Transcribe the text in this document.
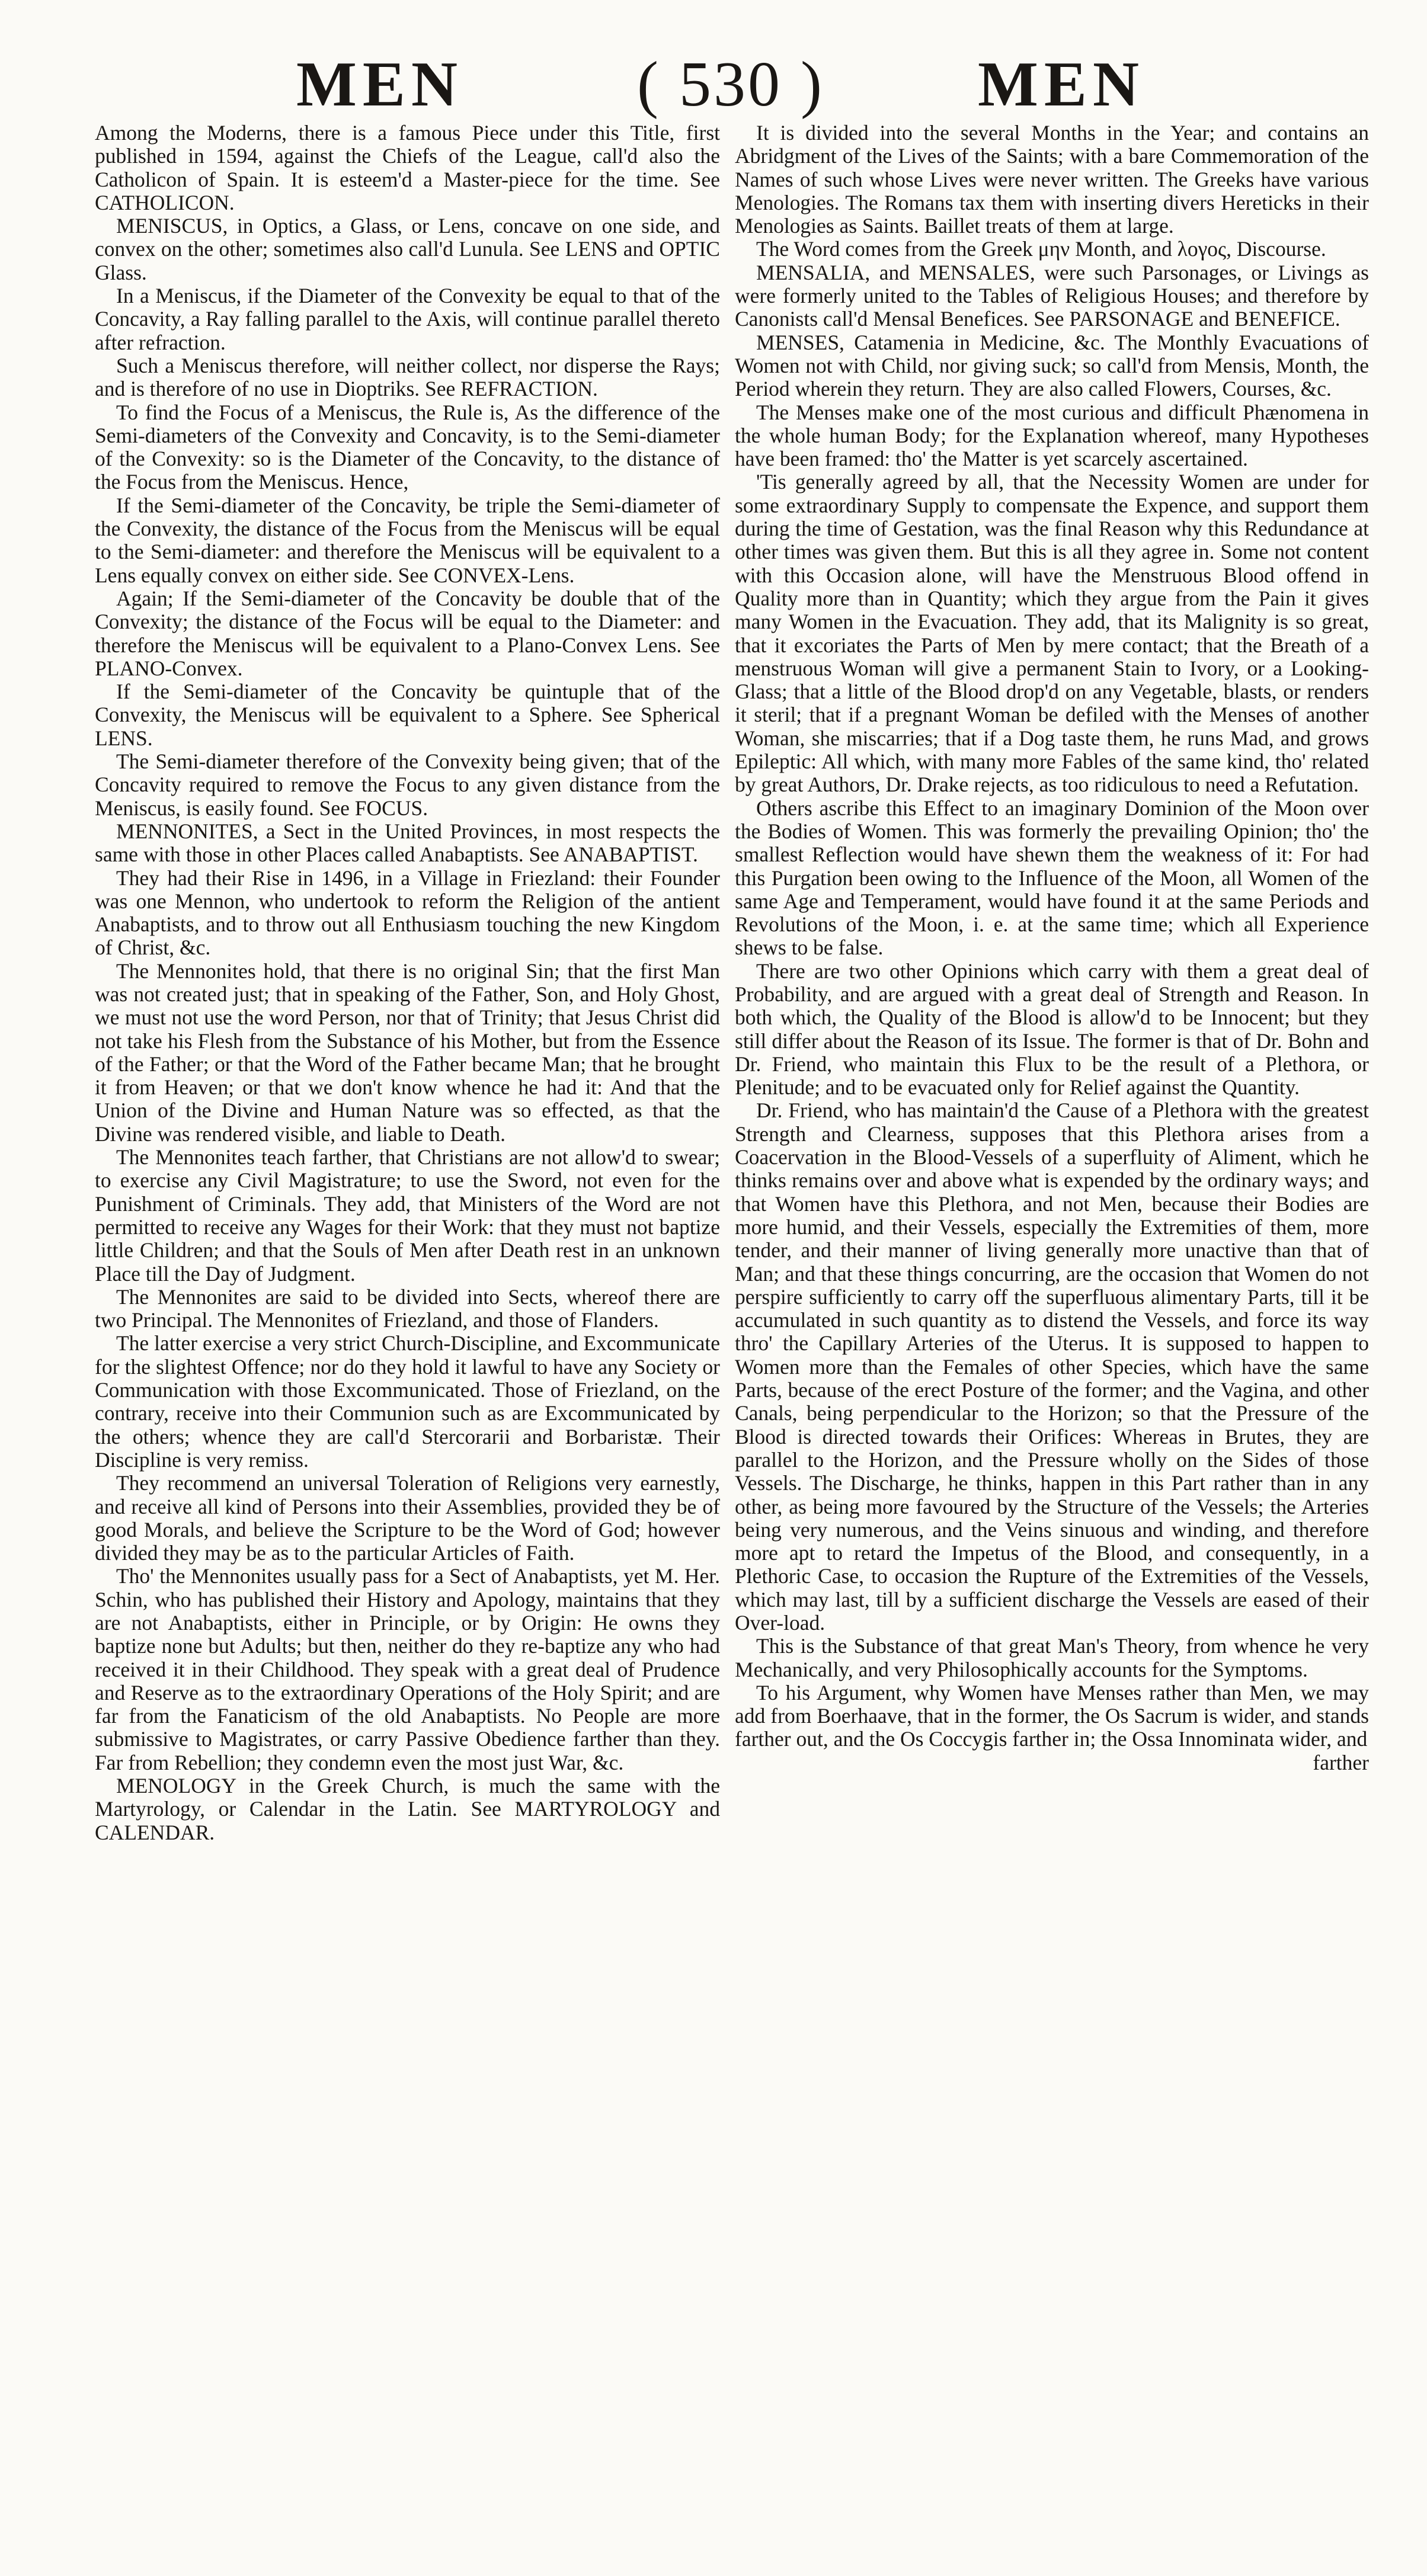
MEN	( 530 ) MEN

Among the Moderns, there is a famous Piece under this Title, first published in 1594, against the Chiefs of the League, call'd also the Catholicon of Spain. It is esteem'd a Master-piece for the time. See CATHOLICON.

MENISCUS, in Optics, a Glass, or Lens, concave on one side, and convex on the other; sometimes also call'd Lunula. See LENS and OPTIC Glass.

In a Meniscus, if the Diameter of the Convexity be equal to that of the Concavity, a Ray falling parallel to the Axis, will continue parallel thereto after refraction.

Such a Meniscus therefore, will neither collect, nor disperse the Rays; and is therefore of no use in Dioptriks. See REFRACTION.

To find the Focus of a Meniscus, the Rule is, As the difference of the Semi-diameters of the Convexity and Concavity, is to the Semi-diameter of the Convexity: so is the Diameter of the Concavity, to the distance of the Focus from the Meniscus. Hence,

If the Semi-diameter of the Concavity, be triple the Semi-diameter of the Convexity, the distance of the Focus from the Meniscus will be equal to the Semi-diameter: and therefore the Meniscus will be equivalent to a Lens equally convex on either side. See CONVEX-Lens.

Again; If the Semi-diameter of the Concavity be double that of the Convexity; the distance of the Focus will be equal to the Diameter: and therefore the Meniscus will be equivalent to a Plano-Convex Lens. See PLANO-Convex.

If the Semi-diameter of the Concavity be quintuple that of the Convexity, the Meniscus will be equivalent to a Sphere. See Spherical LENS.

The Semi-diameter therefore of the Convexity being given; that of the Concavity required to remove the Focus to any given distance from the Meniscus, is easily found. See FOCUS.

MENNONITES, a Sect in the United Provinces, in most respects the same with those in other Places called Anabaptists. See ANABAPTIST.

They had their Rise in 1496, in a Village in Friezland: their Founder was one Mennon, who undertook to reform the Religion of the antient Anabaptists, and to throw out all Enthusiasm touching the new Kingdom of Christ, &c.

The Mennonites hold, that there is no original Sin; that the first Man was not created just; that in speaking of the Father, Son, and Holy Ghost, we must not use the word Person, nor that of Trinity; that Jesus Christ did not take his Flesh from the Substance of his Mother, but from the Essence of the Father; or that the Word of the Father became Man; that he brought it from Heaven; or that we don't know whence he had it: And that the Union of the Divine and Human Nature was so effected, as that the Divine was rendered visible, and liable to Death.

The Mennonites teach farther, that Christians are not allow'd to swear; to exercise any Civil Magistrature; to use the Sword, not even for the Punishment of Criminals. They add, that Ministers of the Word are not permitted to receive any Wages for their Work: that they must not baptize little Children; and that the Souls of Men after Death rest in an unknown Place till the Day of Judgment.

The Mennonites are said to be divided into Sects, whereof there are two Principal. The Mennonites of Friezland, and those of Flanders.

The latter exercise a very strict Church-Discipline, and Excommunicate for the slightest Offence; nor do they hold it lawful to have any Society or Communication with those Excommunicated. Those of Friezland, on the contrary, receive into their Communion such as are Excommunicated by the others; whence they are call'd Stercorarii and Borbaristæ. Their Discipline is very remiss.

They recommend an universal Toleration of Religions very earnestly, and receive all kind of Persons into their Assemblies, provided they be of good Morals, and believe the Scripture to be the Word of God; however divided they may be as to the particular Articles of Faith.

Tho' the Mennonites usually pass for a Sect of Anabaptists, yet M. Her. Schin, who has published their History and Apology, maintains that they are not Anabaptists, either in Principle, or by Origin: He owns they baptize none but Adults; but then, neither do they re-baptize any who had received it in their Childhood. They speak with a great deal of Prudence and Reserve as to the extraordinary Operations of the Holy Spirit; and are far from the Fanaticism of the old Anabaptists. No People are more submissive to Magistrates, or carry Passive Obedience farther than they. Far from Rebellion; they condemn even the most just War, &c.

MENOLOGY in the Greek Church, is much the same with the Martyrology, or Calendar in the Latin. See MARTYROLOGY and CALENDAR.

It is divided into the several Months in the Year; and contains an Abridgment of the Lives of the Saints; with a bare Commemoration of the Names of such whose Lives were never written. The Greeks have various Menologies. The Romans tax them with inserting divers Hereticks in their Menologies as Saints. Baillet treats of them at large.

The Word comes from the Greek μην Month, and λογος, Discourse.

MENSALIA, and MENSALES, were such Parsonages, or Livings as were formerly united to the Tables of Religious Houses; and therefore by Canonists call'd Mensal Benefices. See PARSONAGE and BENEFICE.

MENSES, Catamenia in Medicine, &c. The Monthly Evacuations of Women not with Child, nor giving suck; so call'd from Mensis, Month, the Period wherein they return. They are also called Flowers, Courses, &c.

The Menses make one of the most curious and difficult Phænomena in the whole human Body; for the Explanation whereof, many Hypotheses have been framed: tho' the Matter is yet scarcely ascertained.

'Tis generally agreed by all, that the Necessity Women are under for some extraordinary Supply to compensate the Expence, and support them during the time of Gestation, was the final Reason why this Redundance at other times was given them. But this is all they agree in. Some not content with this Occasion alone, will have the Menstruous Blood offend in Quality more than in Quantity; which they argue from the Pain it gives many Women in the Evacuation. They add, that its Malignity is so great, that it excoriates the Parts of Men by mere contact; that the Breath of a menstruous Woman will give a permanent Stain to Ivory, or a Looking-Glass; that a little of the Blood drop'd on any Vegetable, blasts, or renders it steril; that if a pregnant Woman be defiled with the Menses of another Woman, she miscarries; that if a Dog taste them, he runs Mad, and grows Epileptic: All which, with many more Fables of the same kind, tho' related by great Authors, Dr. Drake rejects, as too ridiculous to need a Refutation.

Others ascribe this Effect to an imaginary Dominion of the Moon over the Bodies of Women. This was formerly the prevailing Opinion; tho' the smallest Reflection would have shewn them the weakness of it: For had this Purgation been owing to the Influence of the Moon, all Women of the same Age and Temperament, would have found it at the same Periods and Revolutions of the Moon, i. e. at the same time; which all Experience shews to be false.

There are two other Opinions which carry with them a great deal of Probability, and are argued with a great deal of Strength and Reason. In both which, the Quality of the Blood is allow'd to be Innocent; but they still differ about the Reason of its Issue. The former is that of Dr. Bohn and Dr. Friend, who maintain this Flux to be the result of a Plethora, or Plenitude; and to be evacuated only for Relief against the Quantity.

Dr. Friend, who has maintain'd the Cause of a Plethora with the greatest Strength and Clearness, supposes that this Plethora arises from a Coacervation in the Blood-Vessels of a superfluity of Aliment, which he thinks remains over and above what is expended by the ordinary ways; and that Women have this Plethora, and not Men, because their Bodies are more humid, and their Vessels, especially the Extremities of them, more tender, and their manner of living generally more unactive than that of Man; and that these things concurring, are the occasion that Women do not perspire sufficiently to carry off the superfluous alimentary Parts, till it be accumulated in such quantity as to distend the Vessels, and force its way thro' the Capillary Arteries of the Uterus. It is supposed to happen to Women more than the Females of other Species, which have the same Parts, because of the erect Posture of the former; and the Vagina, and other Canals, being perpendicular to the Horizon; so that the Pressure of the Blood is directed towards their Orifices: Whereas in Brutes, they are parallel to the Horizon, and the Pressure wholly on the Sides of those Vessels. The Discharge, he thinks, happen in this Part rather than in any other, as being more favoured by the Structure of the Vessels; the Arteries being very numerous, and the Veins sinuous and winding, and therefore more apt to retard the Impetus of the Blood, and consequently, in a Plethoric Case, to occasion the Rupture of the Extremities of the Vessels, which may last, till by a sufficient discharge the Vessels are eased of their Over-load.

This is the Substance of that great Man's Theory, from whence he very Mechanically, and very Philosophically accounts for the Symptoms.

To his Argument, why Women have Menses rather than Men, we may add from Boerhaave, that in the former, the Os Sacrum is wider, and stands farther out, and the Os Coccygis farther in; the Ossa Innominata wider, and

farther
